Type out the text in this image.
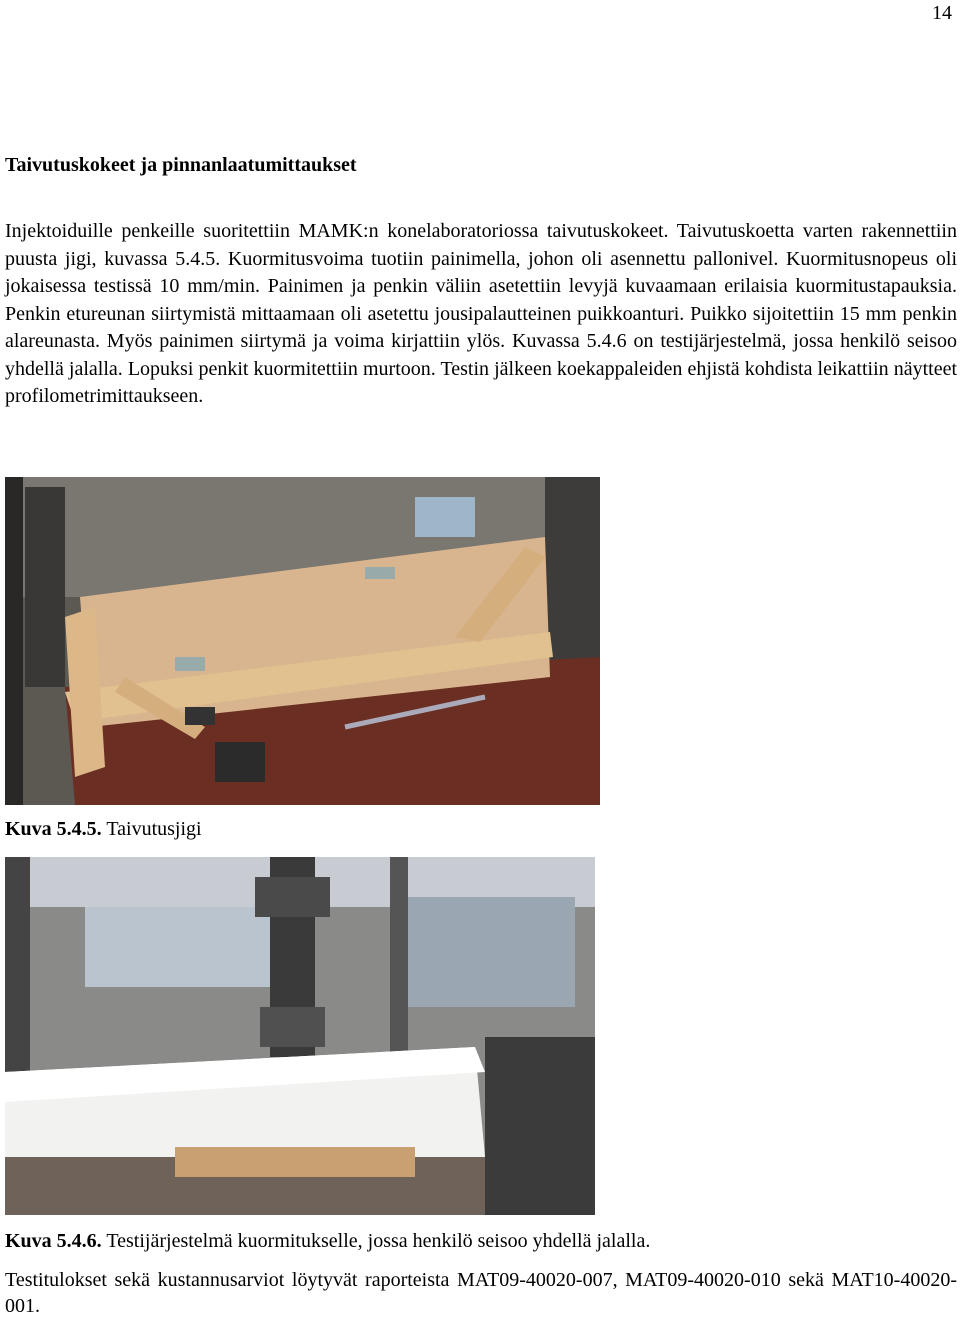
14
Taivutuskokeet ja pinnanlaatumittaukset

Injektoiduille penkeille suoritettiin MAMK:n konelaboratoriossa taivutuskokeet. Taivutuskoetta varten rakennettiin puusta jigi, kuvassa 5.4.5. Kuormitusvoima tuotiin painimella, johon oli asennettu pallonivel. Kuormitusnopeus oli jokaisessa testissä 10 mm/min. Painimen ja penkin väliin asetettiin levyjä kuvaamaan erilaisia kuormitustapauksia. Penkin etureunan siirtymistä mittaamaan oli asetettu jousipalautteinen puikkoanturi. Puikko sijoitettiin 15 mm penkin alareunasta. Myös painimen siirtymä ja voima kirjattiin ylös. Kuvassa 5.4.6 on testijärjestelmä, jossa henkilö seisoo yhdellä jalalla. Lopuksi penkit kuormitettiin murtoon. Testin jälkeen koekappaleiden ehjistä kohdista leikattiin näytteet profilometrimittaukseen.

Kuva 5.4.5. Taivutusjigi

Kuva 5.4.6. Testijärjestelmä kuormitukselle, jossa henkilö seisoo yhdellä jalalla.

Testitulokset sekä kustannusarviot löytyvät raporteista MAT09-40020-007, MAT09-40020-010 sekä MAT10-40020-001.
